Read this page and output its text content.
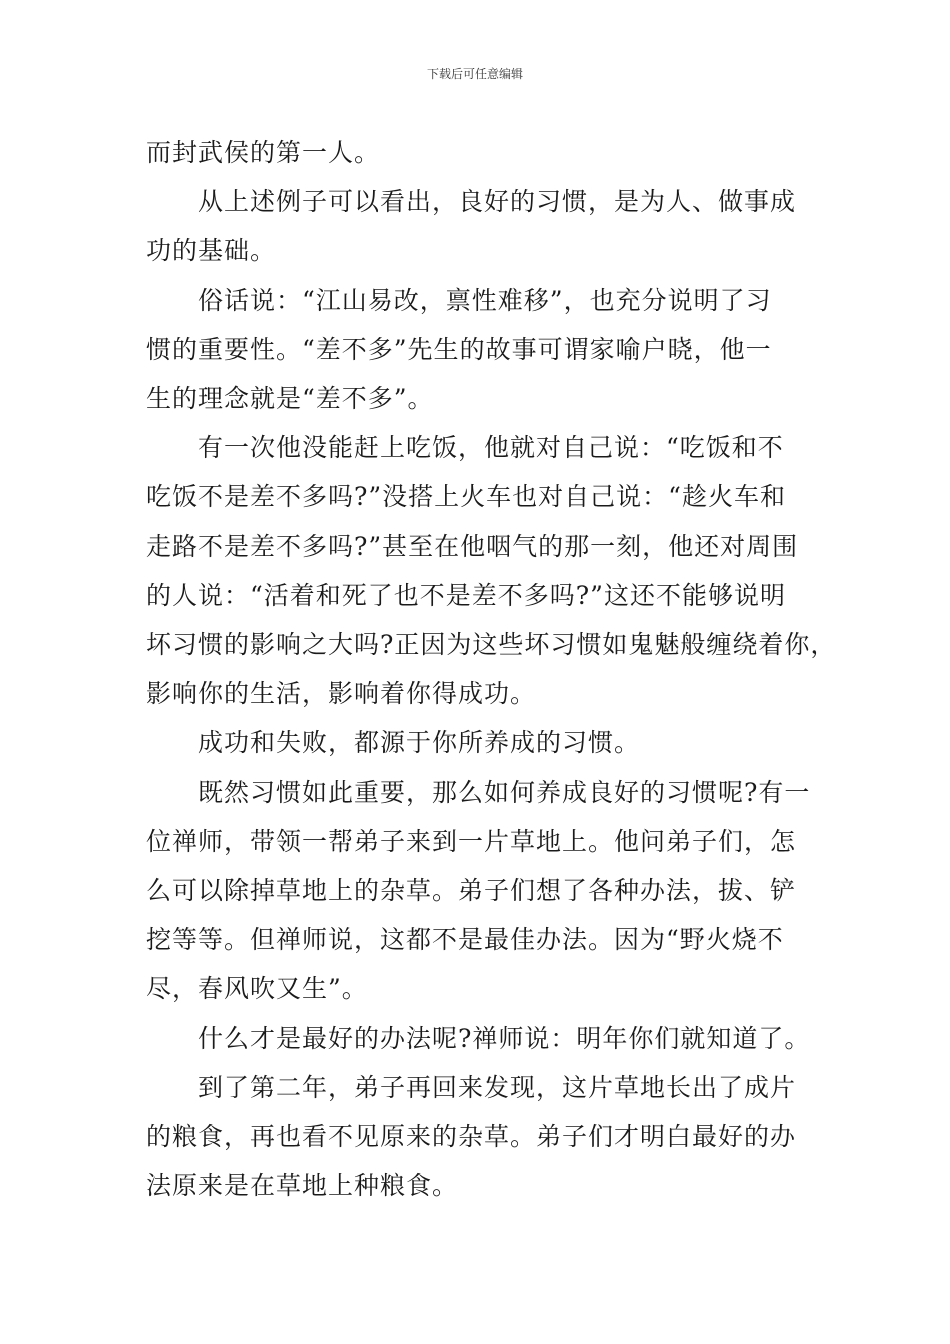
下载后可任意编辑

而封武侯的第一人。

从上述例子可以看出，良好的习惯，是为人、做事成

功的基础。

俗话说：“江山易改，禀性难移”，也充分说明了习

惯的重要性。“差不多”先生的故事可谓家喻户晓，他一

生的理念就是“差不多”。

有一次他没能赶上吃饭，他就对自己说：“吃饭和不

吃饭不是差不多吗?”没搭上火车也对自己说：“趁火车和

走路不是差不多吗?”甚至在他咽气的那一刻，他还对周围

的人说：“活着和死了也不是差不多吗?”这还不能够说明

坏习惯的影响之大吗?正因为这些坏习惯如鬼魅般缠绕着你，

影响你的生活，影响着你得成功。

成功和失败，都源于你所养成的习惯。

既然习惯如此重要，那么如何养成良好的习惯呢?有一

位禅师，带领一帮弟子来到一片草地上。他问弟子们，怎

么可以除掉草地上的杂草。弟子们想了各种办法，拔、铲

挖等等。但禅师说，这都不是最佳办法。因为“野火烧不

尽，春风吹又生”。

什么才是最好的办法呢?禅师说：明年你们就知道了。

到了第二年，弟子再回来发现，这片草地长出了成片

的粮食，再也看不见原来的杂草。弟子们才明白最好的办

法原来是在草地上种粮食。
